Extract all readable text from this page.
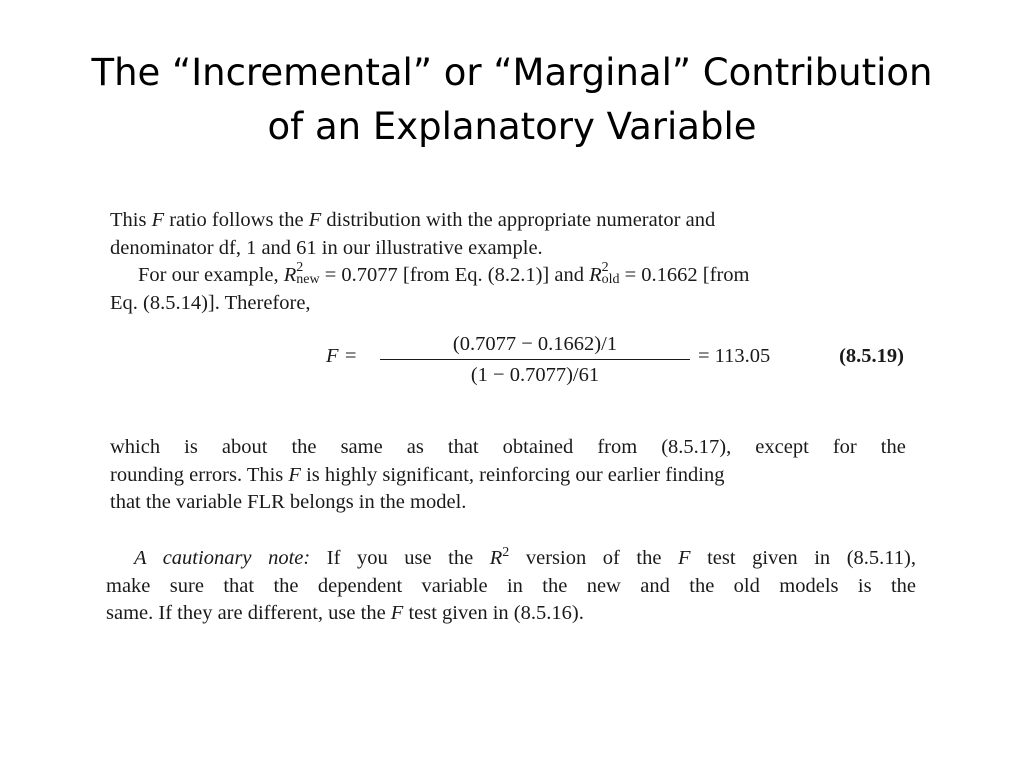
The “Incremental” or “Marginal” Contribution
of an Explanatory Variable
This F ratio follows the F distribution with the appropriate numerator and
denominator df, 1 and 61 in our illustrative example.
For our example, R 2
new = 0.7077 [from Eq. (8.2.1)] and R 2
old = 0.1662 [from
Eq. (8.5.14)]. Therefore,
F =
(0.7077 − 0.1662)/1
(1 − 0.7077)/61
= 113.05	(8.5.19)
which is about the same as that obtained from (8.5.17), except for the
rounding errors. This F is highly significant, reinforcing our earlier finding
that the variable FLR belongs in the model.
A cautionary note: If you use the $R^2$ version of the F test given in (8.5.11),
make sure that the dependent variable in the new and the old models is the
same. If they are different, use the F test given in (8.5.16).
